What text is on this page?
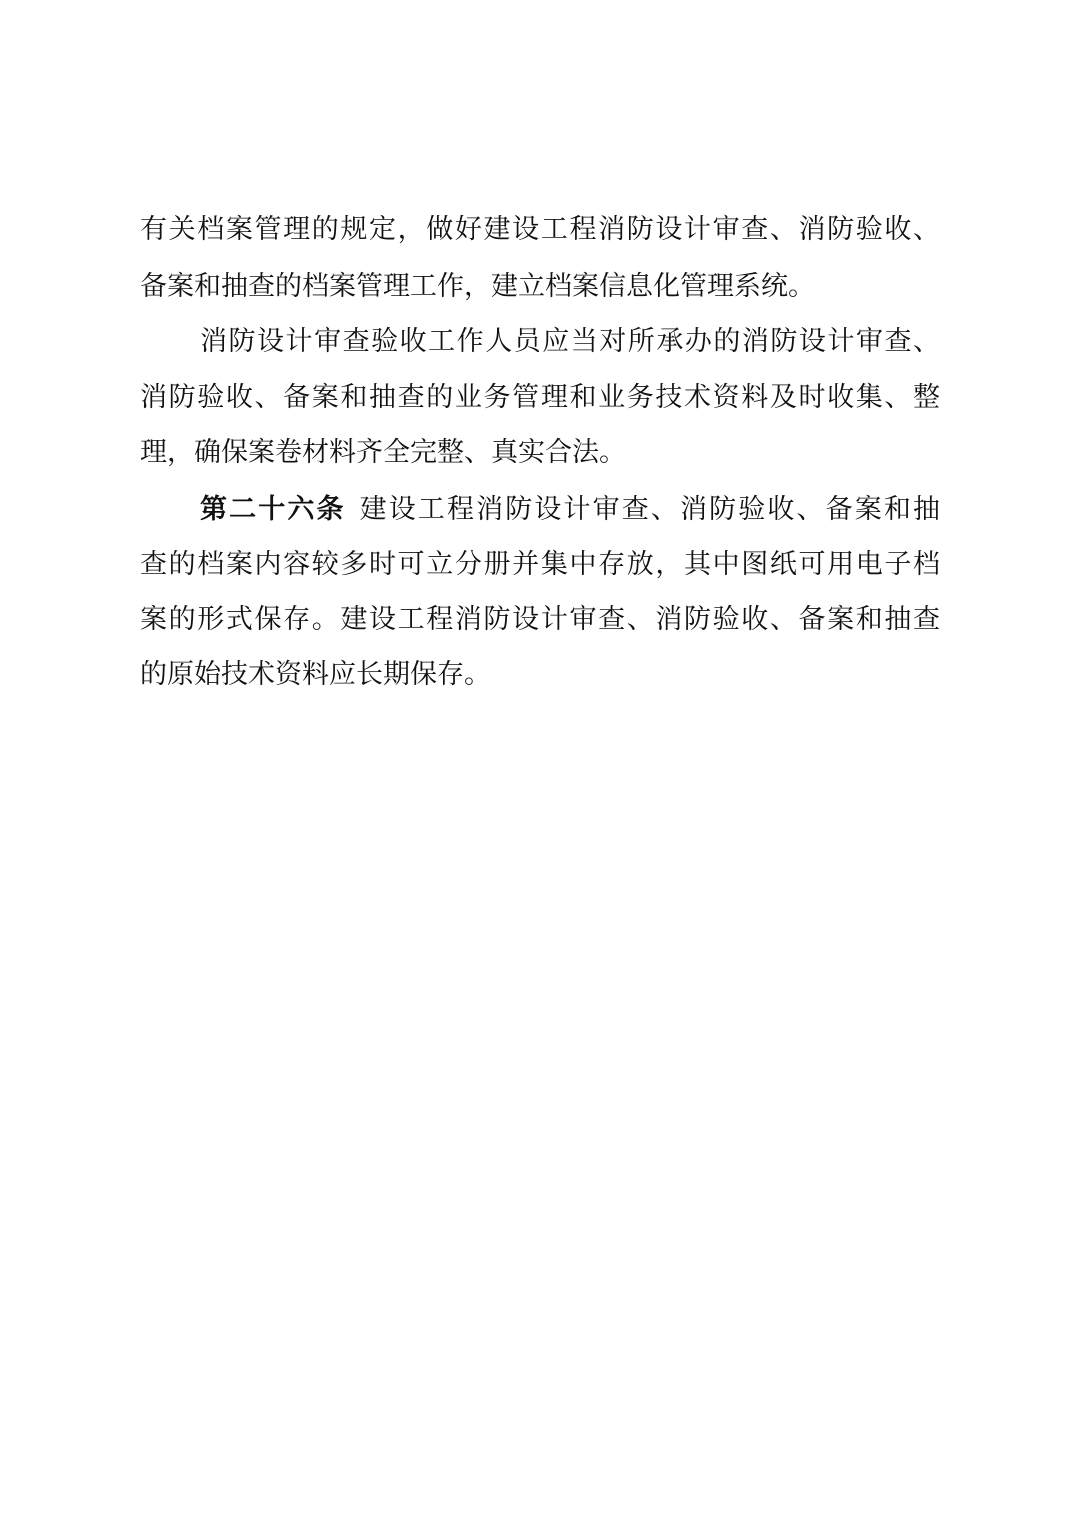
有关档案管理的规定，做好建设工程消防设计审查、消防验收、
备案和抽查的档案管理工作，建立档案信息化管理系统。
消防设计审查验收工作人员应当对所承办的消防设计审查、
消防验收、备案和抽查的业务管理和业务技术资料及时收集、整
理，确保案卷材料齐全完整、真实合法。
第二十六条 建设工程消防设计审查、消防验收、备案和抽
查的档案内容较多时可立分册并集中存放，其中图纸可用电子档
案的形式保存。建设工程消防设计审查、消防验收、备案和抽查
的原始技术资料应长期保存。
